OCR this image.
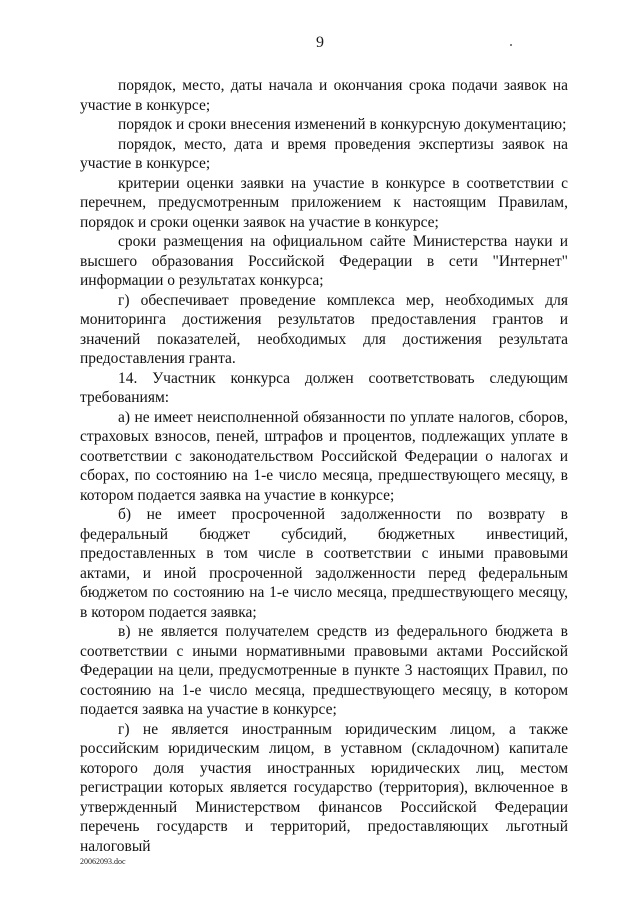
9

порядок, место, даты начала и окончания срока подачи заявок на участие в конкурсе;

порядок и сроки внесения изменений в конкурсную документацию;

порядок, место, дата и время проведения экспертизы заявок на участие в конкурсе;

критерии оценки заявки на участие в конкурсе в соответствии с перечнем, предусмотренным приложением к настоящим Правилам, порядок и сроки оценки заявок на участие в конкурсе;

сроки размещения на официальном сайте Министерства науки и высшего образования Российской Федерации в сети "Интернет" информации о результатах конкурса;

г) обеспечивает проведение комплекса мер, необходимых для мониторинга достижения результатов предоставления грантов и значений показателей, необходимых для достижения результата предоставления гранта.

14. Участник конкурса должен соответствовать следующим требованиям:

а) не имеет неисполненной обязанности по уплате налогов, сборов, страховых взносов, пеней, штрафов и процентов, подлежащих уплате в соответствии с законодательством Российской Федерации о налогах и сборах, по состоянию на 1-е число месяца, предшествующего месяцу, в котором подается заявка на участие в конкурсе;

б) не имеет просроченной задолженности по возврату в федеральный бюджет субсидий, бюджетных инвестиций, предоставленных в том числе в соответствии с иными правовыми актами, и иной просроченной задолженности перед федеральным бюджетом по состоянию на 1-е число месяца, предшествующего месяцу, в котором подается заявка;

в) не является получателем средств из федерального бюджета в соответствии с иными нормативными правовыми актами Российской Федерации на цели, предусмотренные в пункте 3 настоящих Правил, по состоянию на 1-е число месяца, предшествующего месяцу, в котором подается заявка на участие в конкурсе;

г) не является иностранным юридическим лицом, а также российским юридическим лицом, в уставном (складочном) капитале которого доля участия иностранных юридических лиц, местом регистрации которых является государство (территория), включенное в утвержденный Министерством финансов Российской Федерации перечень государств и территорий, предоставляющих льготный налоговый

20062093.doc
